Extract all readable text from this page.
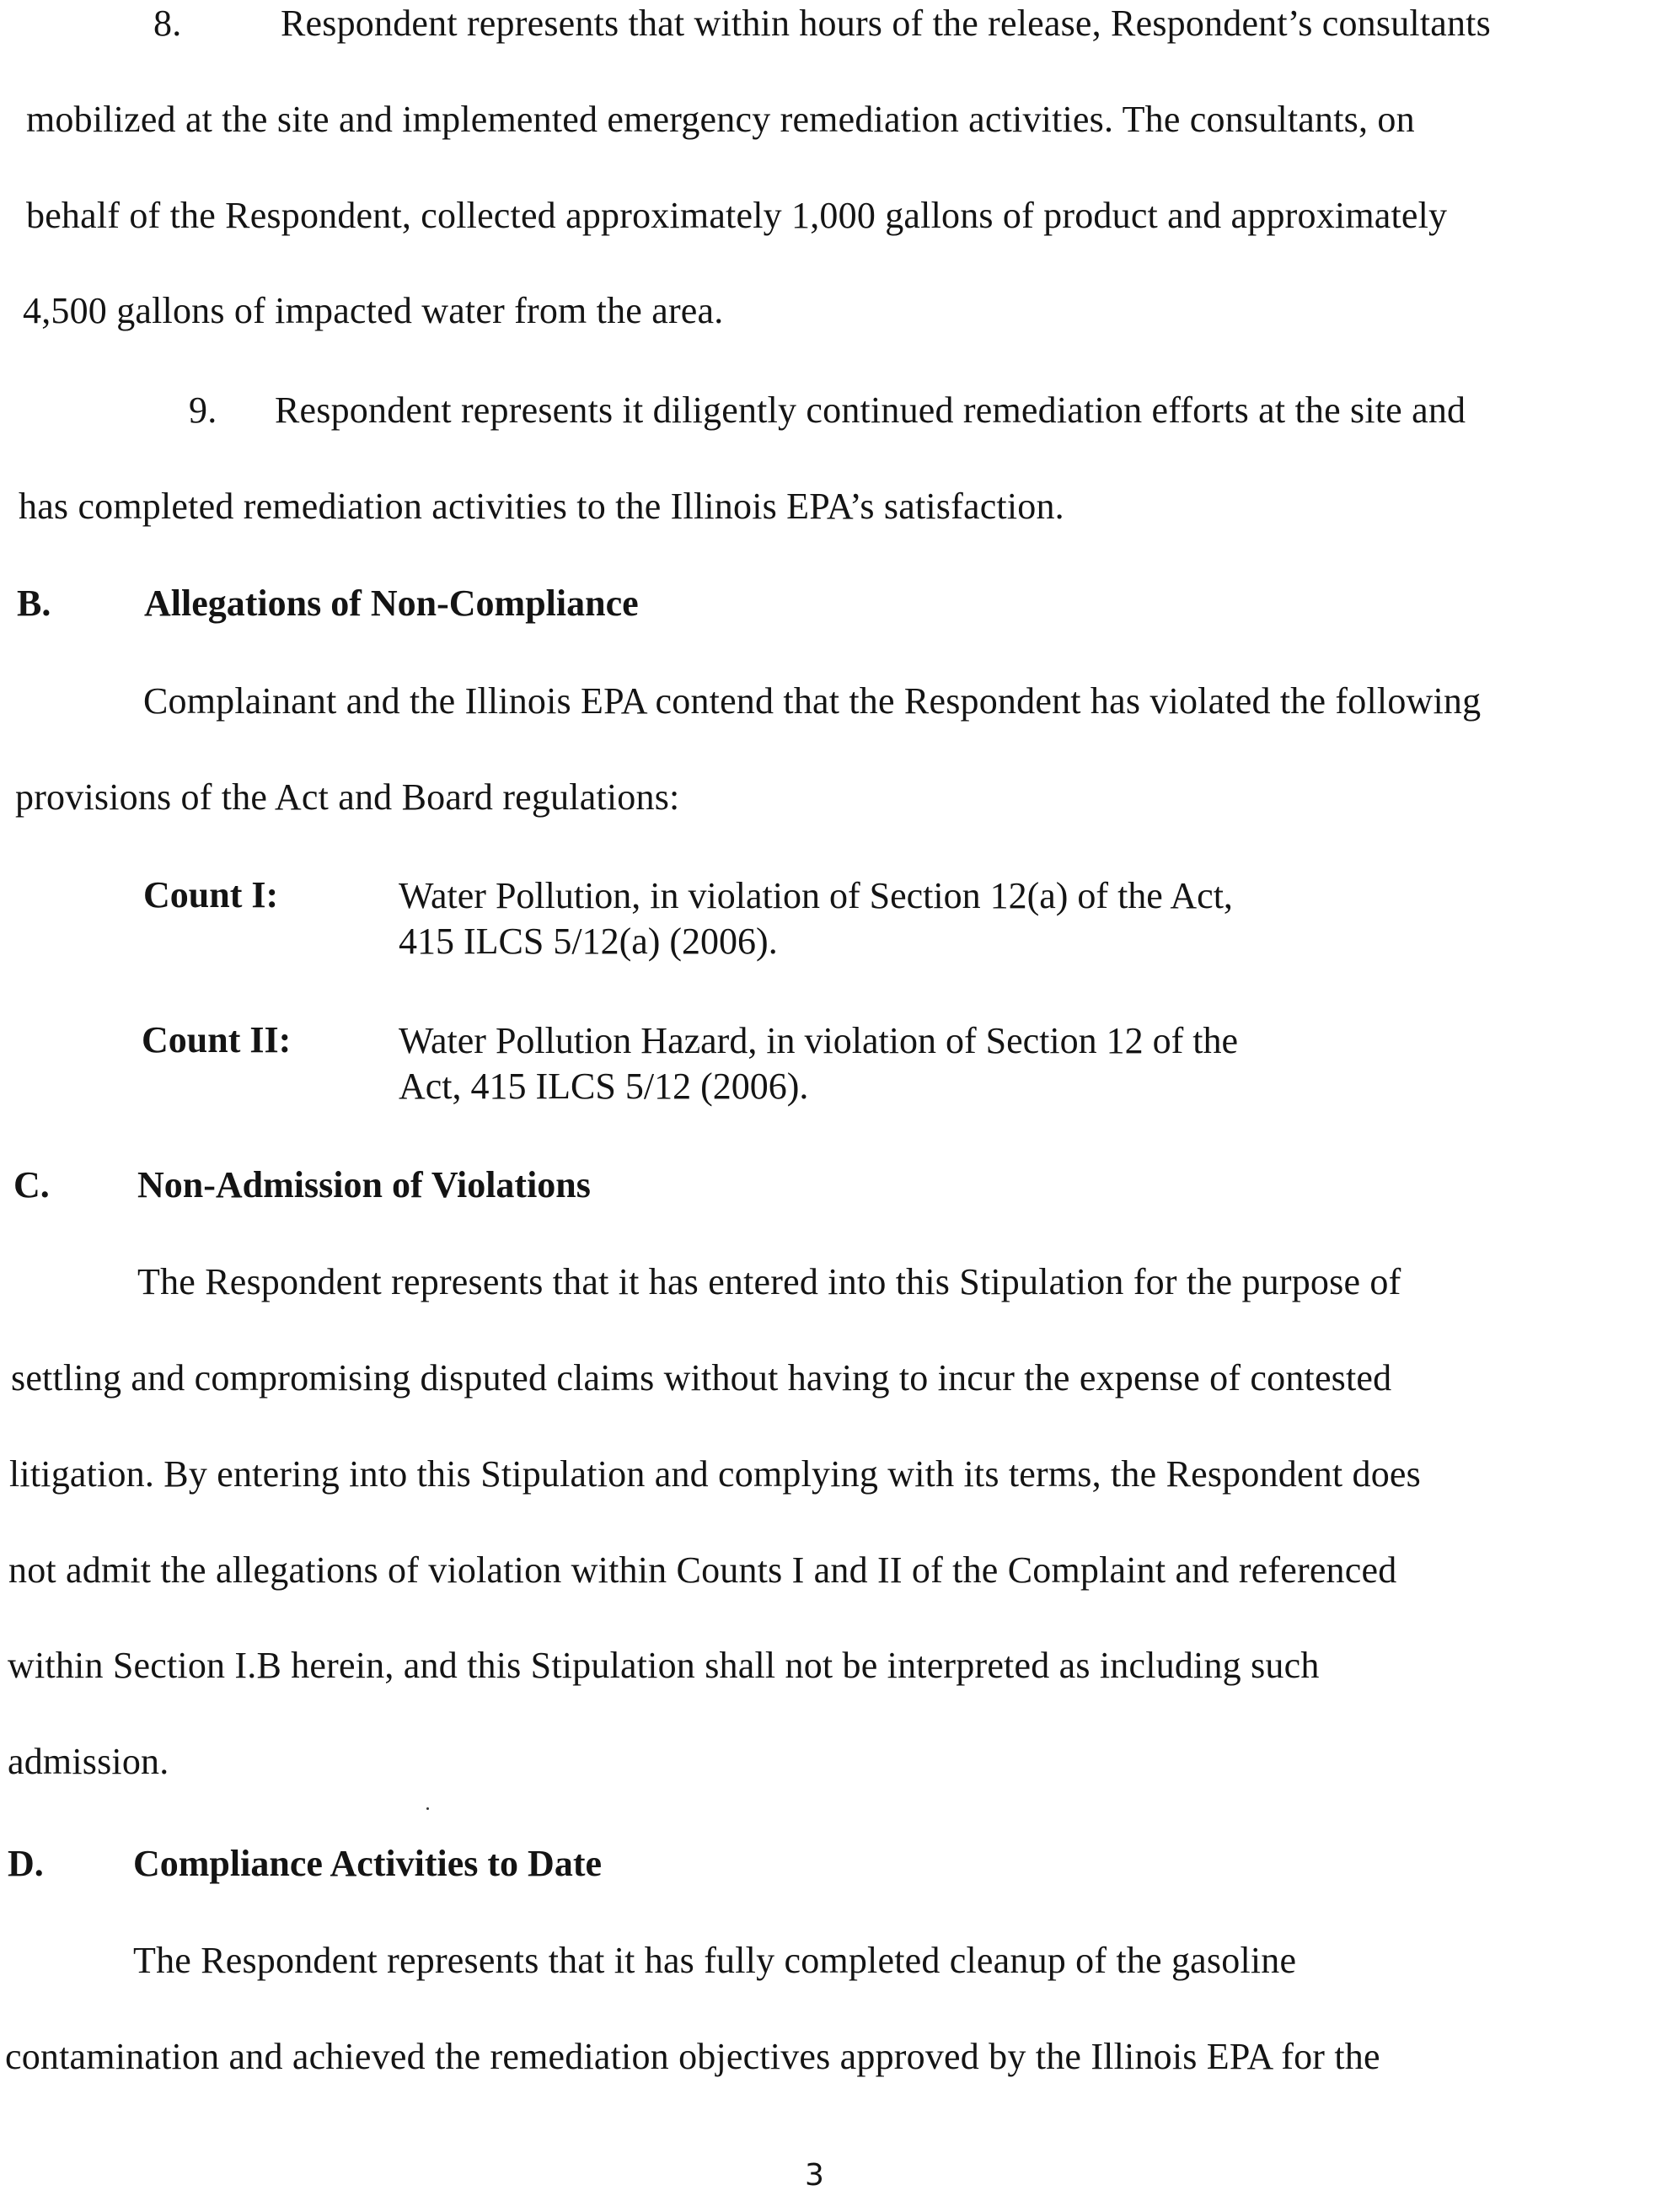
8.	Respondent represents that within hours of the release, Respondent’s consultants
mobilized at the site and implemented emergency remediation activities. The consultants, on
behalf of the Respondent, collected approximately 1,000 gallons of product and approximately
4,500 gallons of impacted water from the area.
9. Respondent represents it diligently continued remediation efforts at the site and
has completed remediation activities to the Illinois EPA’s satisfaction.
B.	Allegations of Non-Compliance
Complainant and the Illinois EPA contend that the Respondent has violated the following
provisions of the Act and Board regulations:
Count I:	Water Pollution, in violation of Section 12(a) of the Act,
415 ILCS 5/12(a) (2006).
Count II:	Water Pollution Hazard, in violation of Section 12 of the
Act, 415 ILCS 5/12 (2006).
C. Non-Admission of Violations
The Respondent represents that it has entered into this Stipulation for the purpose of
settling and compromising disputed claims without having to incur the expense of contested
litigation. By entering into this Stipulation and complying with its terms, the Respondent does
not admit the allegations of violation within Counts I and II of the Complaint and referenced
within Section I.B herein, and this Stipulation shall not be interpreted as including such
admission.
D. Compliance Activities to Date
The Respondent represents that it has fully completed cleanup of the gasoline
contamination and achieved the remediation objectives approved by the Illinois EPA for the
3
